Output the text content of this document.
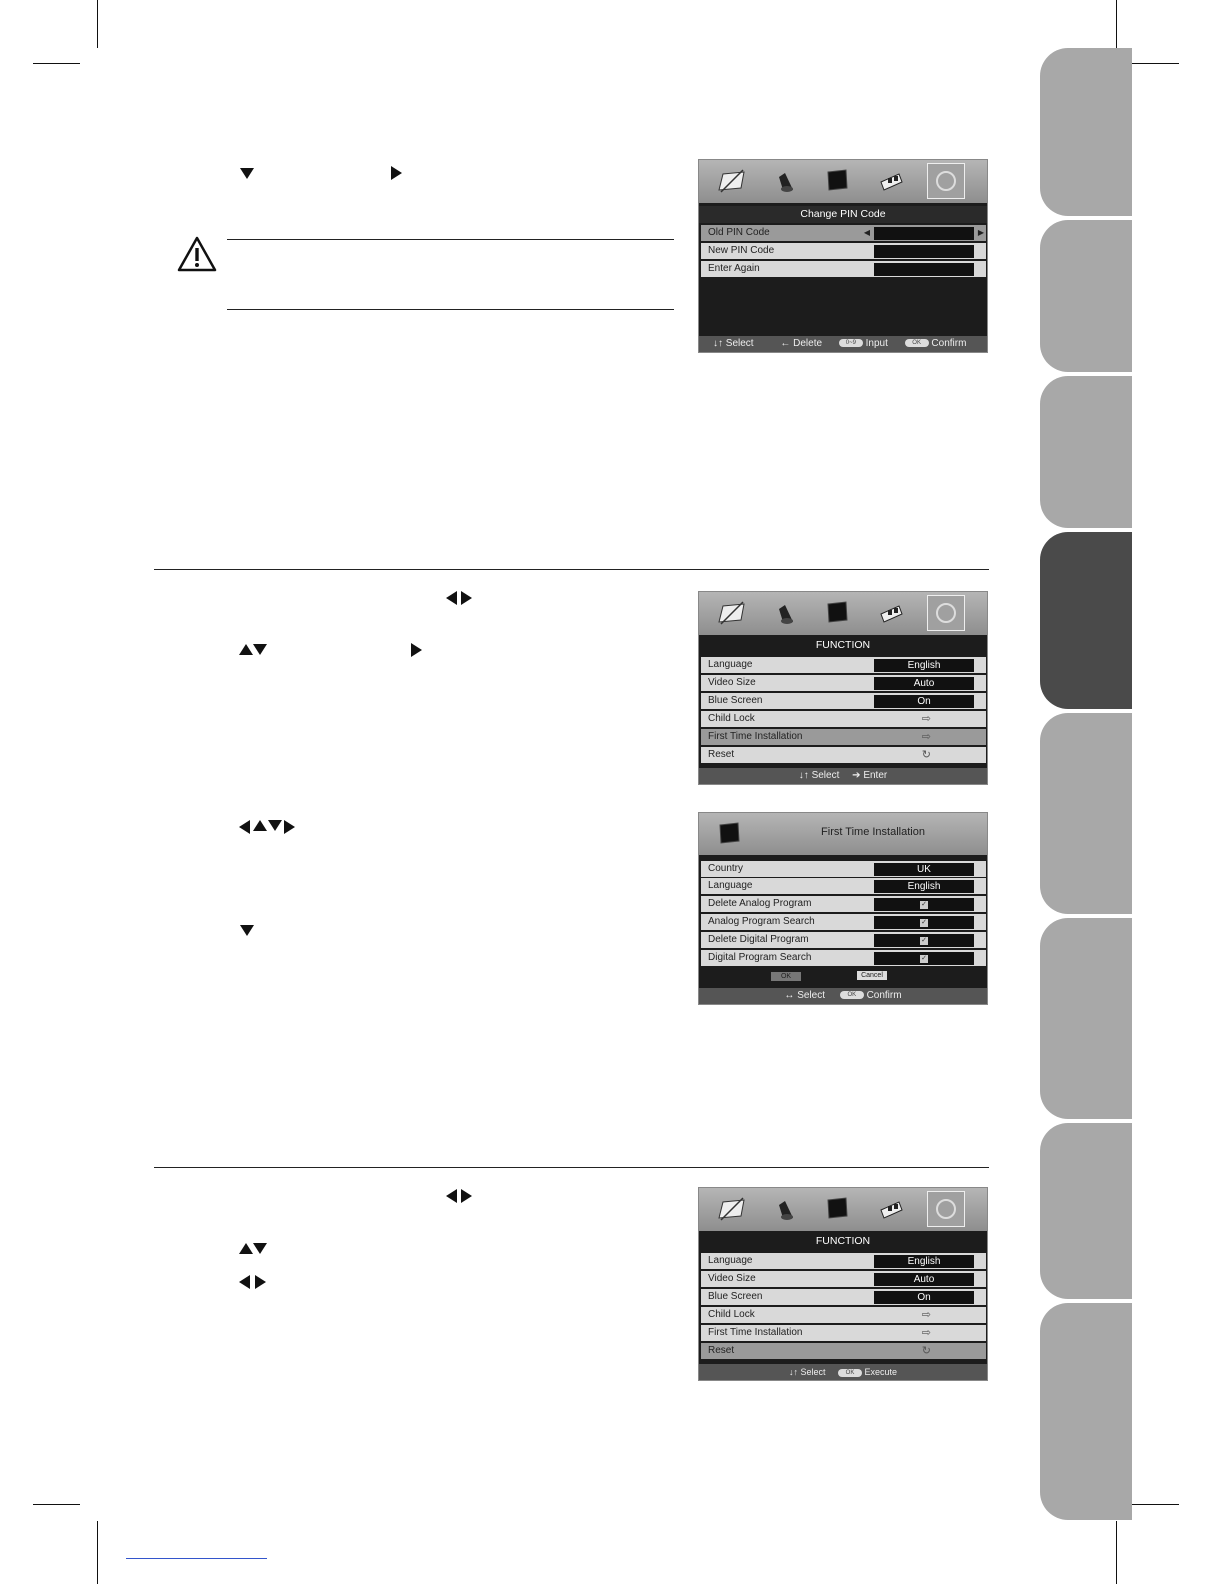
Change PIN Code
Old PIN Code	◀	▶
New PIN Code
Enter Again
↓↑ Select	← Delete	0~9 Input	OK Confirm
FUNCTION
Language	English
Video Size	Auto
Blue Screen	On
Child Lock	⇨
First Time Installation	⇨
Reset	↻
↓↑ Select ➔ Enter
First Time Installation
Country	UK
Language	English
Delete Analog Program	✓
Analog Program Search	✓
Delete Digital Program	✓
Digital Program Search	✓
OK	Cancel
↔ Select	OK Confirm
FUNCTION
Language	English
Video Size	Auto
Blue Screen	On
Child Lock	⇨
First Time Installation	⇨
Reset	↻
↓↑ Select	OK Execute
